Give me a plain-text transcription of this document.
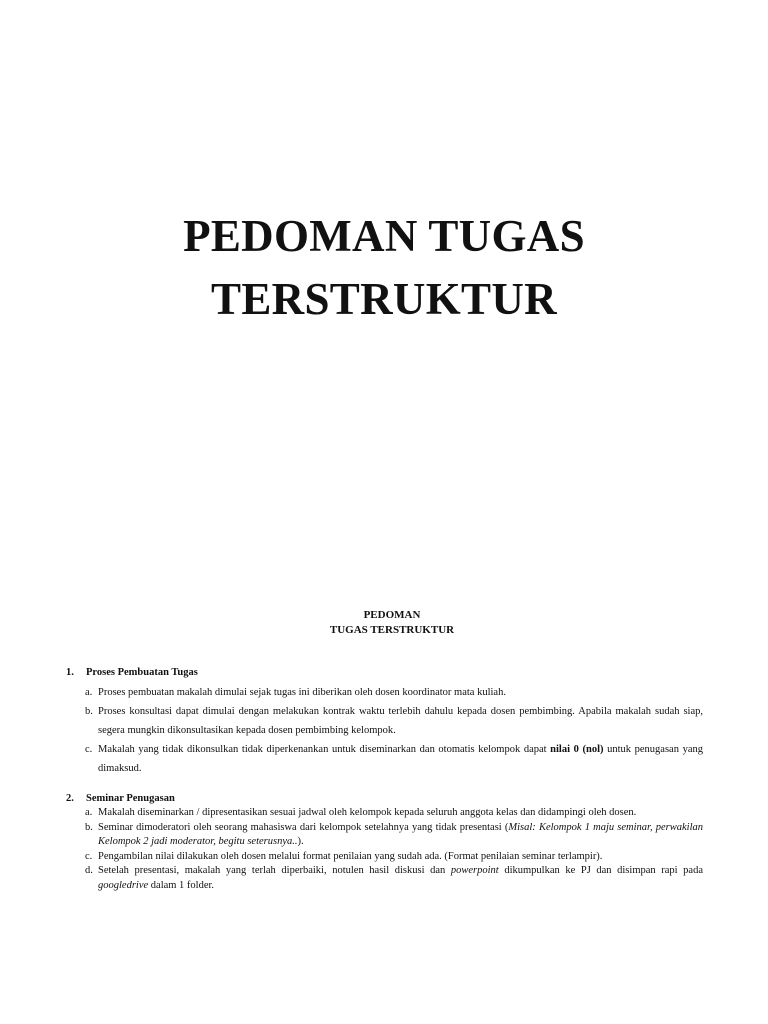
PEDOMAN TUGAS
TERSTRUKTUR
PEDOMAN
TUGAS TERSTRUKTUR
1. Proses Pembuatan Tugas
a. Proses pembuatan makalah dimulai sejak tugas ini diberikan oleh dosen koordinator mata kuliah.
b. Proses konsultasi dapat dimulai dengan melakukan kontrak waktu terlebih dahulu kepada dosen pembimbing. Apabila makalah sudah siap, segera mungkin dikonsultasikan kepada dosen pembimbing kelompok.
c. Makalah yang tidak dikonsulkan tidak diperkenankan untuk diseminarkan dan otomatis kelompok dapat nilai 0 (nol) untuk penugasan yang dimaksud.
2. Seminar Penugasan
a. Makalah diseminarkan / dipresentasikan sesuai jadwal oleh kelompok kepada seluruh anggota kelas dan didampingi oleh dosen.
b. Seminar dimoderatori oleh seorang mahasiswa dari kelompok setelahnya yang tidak presentasi (Misal: Kelompok 1 maju seminar, perwakilan Kelompok 2 jadi moderator, begitu seterusnya..).
c. Pengambilan nilai dilakukan oleh dosen melalui format penilaian yang sudah ada. (Format penilaian seminar terlampir).
d. Setelah presentasi, makalah yang terlah diperbaiki, notulen hasil diskusi dan powerpoint dikumpulkan ke PJ dan disimpan rapi pada googledrive dalam 1 folder.
